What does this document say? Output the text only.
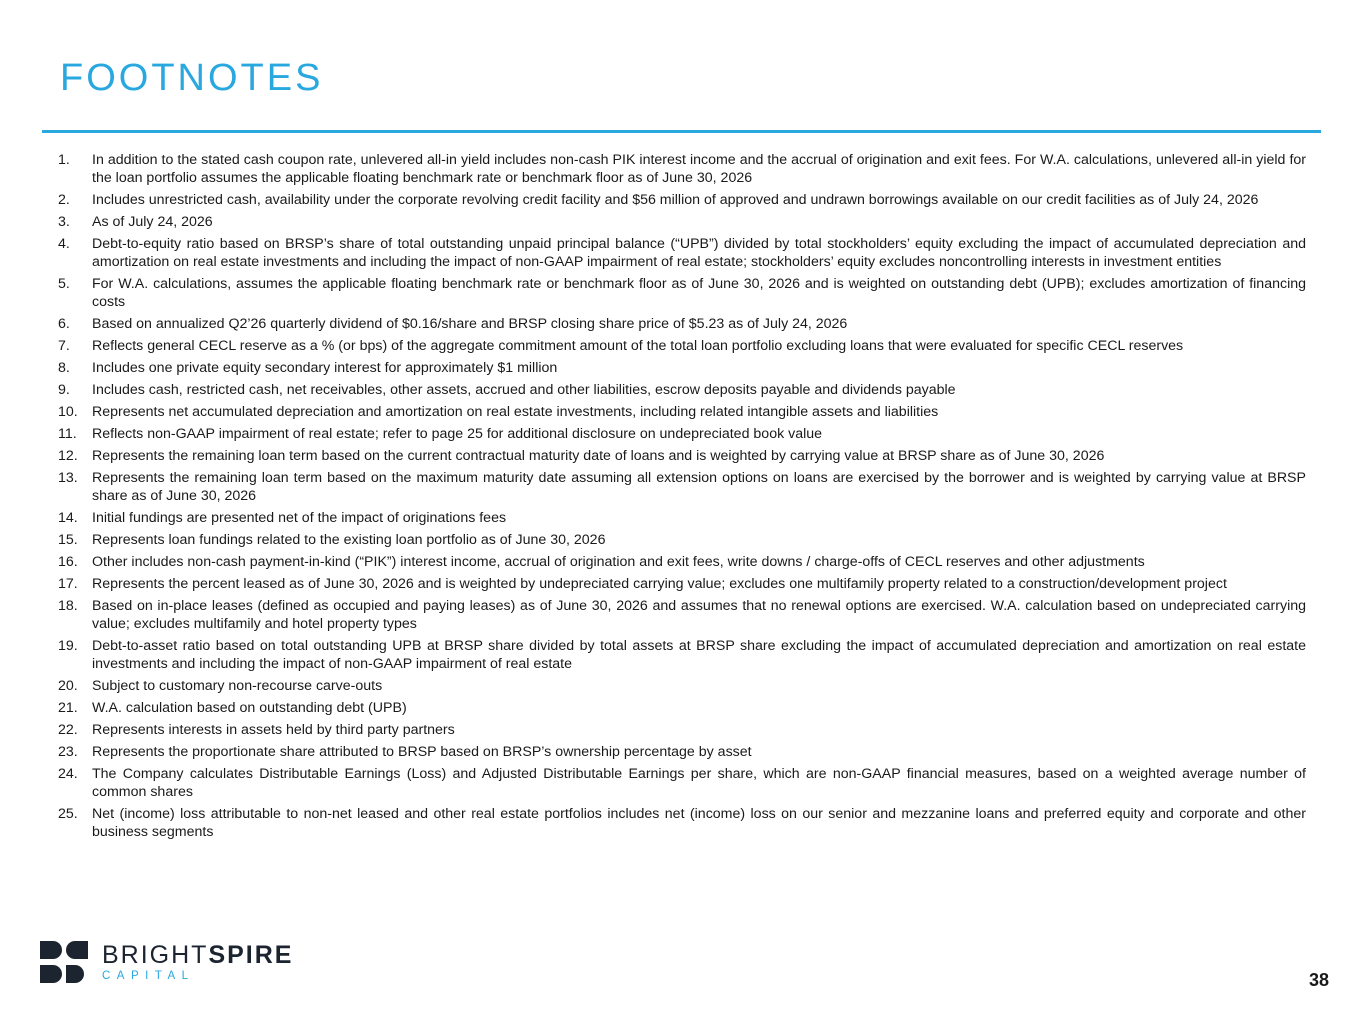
FOOTNOTES
1.	In addition to the stated cash coupon rate, unlevered all-in yield includes non-cash PIK interest income and the accrual of origination and exit fees. For W.A. calculations, unlevered all-in yield for the loan portfolio assumes the applicable floating benchmark rate or benchmark floor as of June 30, 2026
2.	Includes unrestricted cash, availability under the corporate revolving credit facility and $56 million of approved and undrawn borrowings available on our credit facilities as of July 24, 2026
3.	As of July 24, 2026
4.	Debt-to-equity ratio based on BRSP’s share of total outstanding unpaid principal balance (“UPB”) divided by total stockholders’ equity excluding the impact of accumulated depreciation and amortization on real estate investments and including the impact of non-GAAP impairment of real estate; stockholders’ equity excludes noncontrolling interests in investment entities
5.	For W.A. calculations, assumes the applicable floating benchmark rate or benchmark floor as of June 30, 2026 and is weighted on outstanding debt (UPB); excludes amortization of financing costs
6.	Based on annualized Q2’26 quarterly dividend of $0.16/share and BRSP closing share price of $5.23 as of July 24, 2026
7.	Reflects general CECL reserve as a % (or bps) of the aggregate commitment amount of the total loan portfolio excluding loans that were evaluated for specific CECL reserves
8.	Includes one private equity secondary interest for approximately $1 million
9.	Includes cash, restricted cash, net receivables, other assets, accrued and other liabilities, escrow deposits payable and dividends payable
10.	Represents net accumulated depreciation and amortization on real estate investments, including related intangible assets and liabilities
11.	Reflects non-GAAP impairment of real estate; refer to page 25 for additional disclosure on undepreciated book value
12.	Represents the remaining loan term based on the current contractual maturity date of loans and is weighted by carrying value at BRSP share as of June 30, 2026
13.	Represents the remaining loan term based on the maximum maturity date assuming all extension options on loans are exercised by the borrower and is weighted by carrying value at BRSP share as of June 30, 2026
14.	Initial fundings are presented net of the impact of originations fees
15.	Represents loan fundings related to the existing loan portfolio as of June 30, 2026
16.	Other includes non-cash payment-in-kind (“PIK”) interest income, accrual of origination and exit fees, write downs / charge-offs of CECL reserves and other adjustments
17.	Represents the percent leased as of June 30, 2026 and is weighted by undepreciated carrying value; excludes one multifamily property related to a construction/development project
18.	Based on in-place leases (defined as occupied and paying leases) as of June 30, 2026 and assumes that no renewal options are exercised. W.A. calculation based on undepreciated carrying value; excludes multifamily and hotel property types
19.	Debt-to-asset ratio based on total outstanding UPB at BRSP share divided by total assets at BRSP share excluding the impact of accumulated depreciation and amortization on real estate investments and including the impact of non-GAAP impairment of real estate
20.	Subject to customary non-recourse carve-outs
21.	W.A. calculation based on outstanding debt (UPB)
22.	Represents interests in assets held by third party partners
23.	Represents the proportionate share attributed to BRSP based on BRSP’s ownership percentage by asset
24.	The Company calculates Distributable Earnings (Loss) and Adjusted Distributable Earnings per share, which are non-GAAP financial measures, based on a weighted average number of common shares
25.	Net (income) loss attributable to non-net leased and other real estate portfolios includes net (income) loss on our senior and mezzanine loans and preferred equity and corporate and other business segments
BRIGHTSPIRE
CAPITAL	38
